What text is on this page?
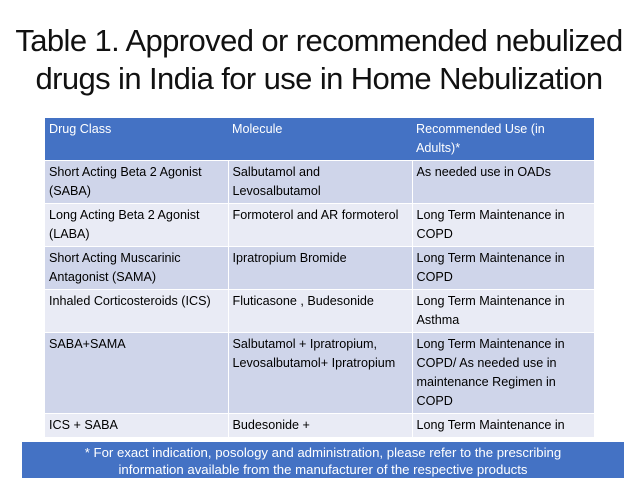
Table 1. Approved or recommended nebulized
drugs in India for use in Home Nebulization
Drug Class	Molecule	Recommended Use (in Adults)*
Short Acting Beta 2 Agonist (SABA)	Salbutamol and Levosalbutamol	As needed use in OADs
Long Acting Beta 2 Agonist (LABA)	Formoterol and AR formoterol	Long Term Maintenance in COPD
Short Acting Muscarinic Antagonist (SAMA)	Ipratropium Bromide	Long Term Maintenance in COPD
Inhaled Corticosteroids (ICS)	Fluticasone , Budesonide	Long Term Maintenance in Asthma
SABA+SAMA	Salbutamol + Ipratropium, Levosalbutamol+ Ipratropium	Long Term Maintenance in COPD/ As needed use in maintenance Regimen in COPD
ICS + SABA	Budesonide +	Long Term Maintenance in
* For exact indication, posology and administration, please refer to the prescribing
information available from the manufacturer of the respective products
